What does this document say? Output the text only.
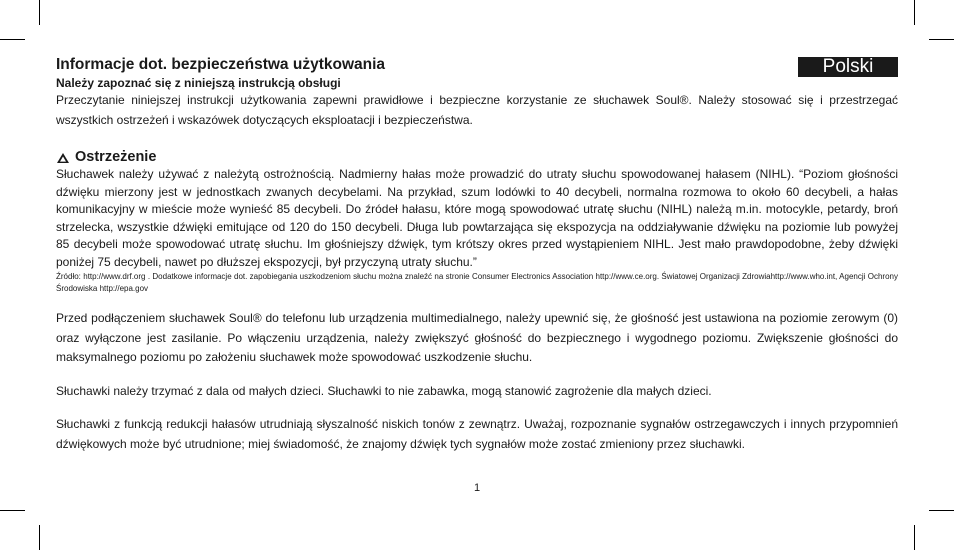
Polski
Informacje dot. bezpieczeństwa użytkowania
Należy zapoznać się z niniejszą instrukcją obsługi

Przeczytanie niniejszej instrukcji użytkowania zapewni prawidłowe i bezpieczne korzystanie ze słuchawek Soul®. Należy stosować się i przestrzegać wszystkich ostrzeżeń i wskazówek dotyczących eksploatacji i bezpieczeństwa.

Ostrzeżenie

Słuchawek należy używać z należytą ostrożnością. Nadmierny hałas może prowadzić do utraty słuchu spowodowanej hałasem (NIHL). “Poziom głośności dźwięku mierzony jest w jednostkach zwanych decybelami. Na przykład, szum lodówki to 40 decybeli, normalna rozmowa to około 60 decybeli, a hałas komunikacyjny w mieście może wynieść 85 decybeli. Do źródeł hałasu, które mogą spowodować utratę słuchu (NIHL) należą m.in. motocykle, petardy, broń strzelecka, wszystkie dźwięki emitujące od 120 do 150 decybeli. Długa lub powtarzająca się ekspozycja na oddziaływanie dźwięku na poziomie lub powyżej 85 decybeli może spowodować utratę słuchu. Im głośniejszy dźwięk, tym krótszy okres przed wystąpieniem NIHL. Jest mało prawdopodobne, żeby dźwięki poniżej 75 decybeli, nawet po dłuższej ekspozycji, był przyczyną utraty słuchu.”

Źródło: http://www.drf.org . Dodatkowe informacje dot. zapobiegania uszkodzeniom słuchu można znaleźć na stronie Consumer Electronics Association http://www.ce.org. Światowej Organizacji Zdrowiahttp://www.who.int, Agencji Ochrony Środowiska http://epa.gov

Przed podłączeniem słuchawek Soul® do telefonu lub urządzenia multimedialnego, należy upewnić się, że głośność jest ustawiona na poziomie zerowym (0) oraz wyłączone jest zasilanie. Po włączeniu urządzenia, należy zwiększyć głośność do bezpiecznego i wygodnego poziomu. Zwiększenie głośności do maksymalnego poziomu po założeniu słuchawek może spowodować uszkodzenie słuchu.

Słuchawki należy trzymać z dala od małych dzieci. Słuchawki to nie zabawka, mogą stanowić zagrożenie dla małych dzieci.

Słuchawki z funkcją redukcji hałasów utrudniają słyszalność niskich tonów z zewnątrz. Uważaj, rozpoznanie sygnałów ostrzegawczych i innych przypomnień dźwiękowych może być utrudnione; miej świadomość, że znajomy dźwięk tych sygnałów może zostać zmieniony przez słuchawki.

1
